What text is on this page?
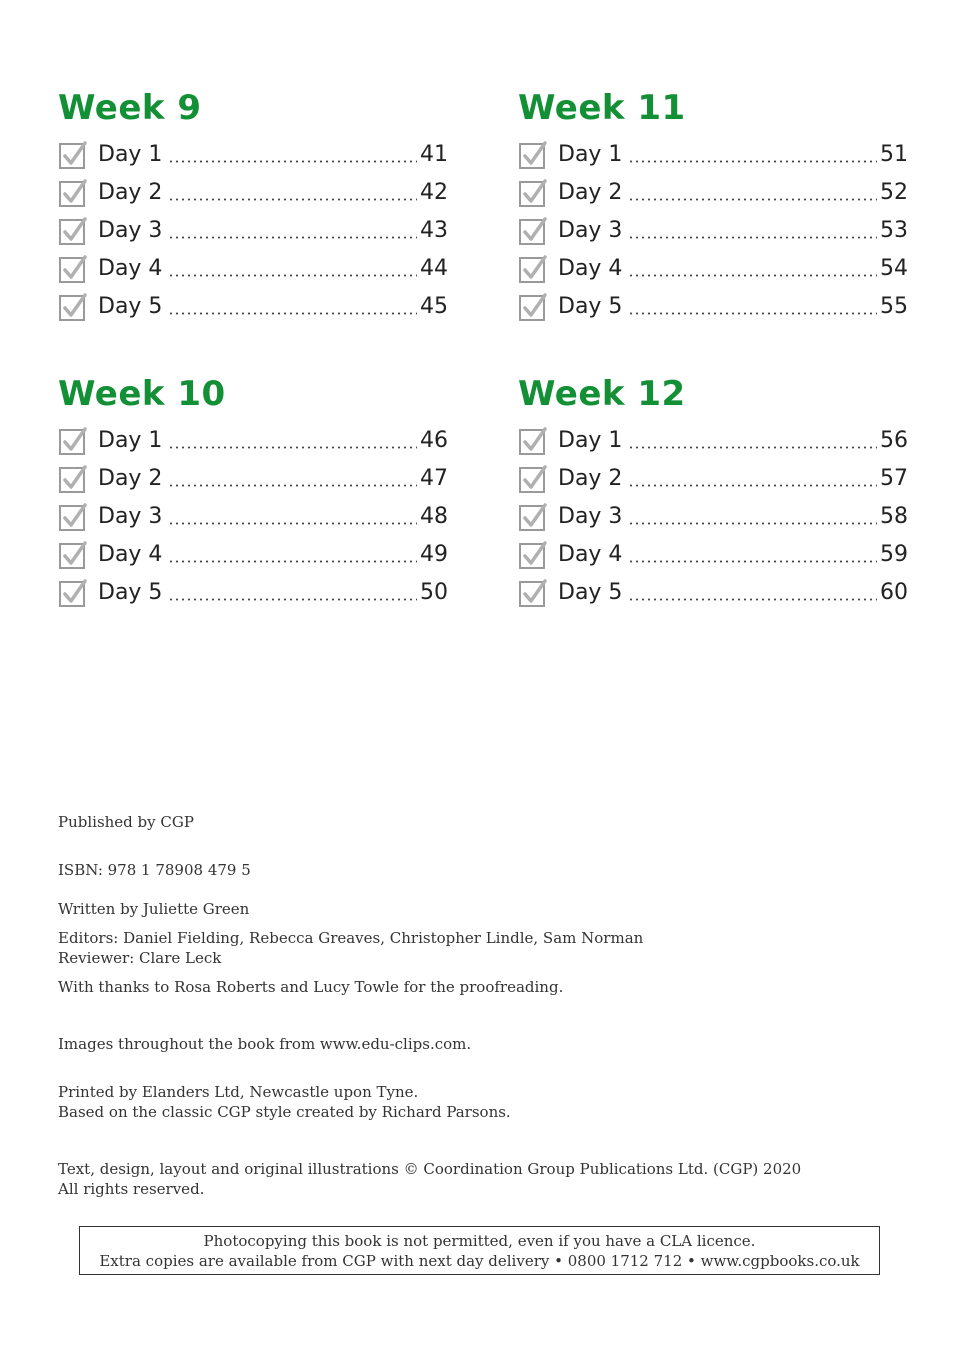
Week 9
Day 1	41
Day 2	42
Day 3	43
Day 4	44
Day 5	45
Week 11
Day 1	51
Day 2	52
Day 3	53
Day 4	54
Day 5	55
Week 10
Day 1	46
Day 2	47
Day 3	48
Day 4	49
Day 5	50
Week 12
Day 1	56
Day 2	57
Day 3	58
Day 4	59
Day 5	60

Published by CGP

ISBN: 978 1 78908 479 5

Written by Juliette Green

Editors: Daniel Fielding, Rebecca Greaves, Christopher Lindle, Sam Norman

Reviewer: Clare Leck

With thanks to Rosa Roberts and Lucy Towle for the proofreading.

Images throughout the book from www.edu-clips.com.

Printed by Elanders Ltd, Newcastle upon Tyne.

Based on the classic CGP style created by Richard Parsons.

Text, design, layout and original illustrations © Coordination Group Publications Ltd. (CGP) 2020

All rights reserved.

Photocopying this book is not permitted, even if you have a CLA licence.
Extra copies are available from CGP with next day delivery • 0800 1712 712 • www.cgpbooks.co.uk
